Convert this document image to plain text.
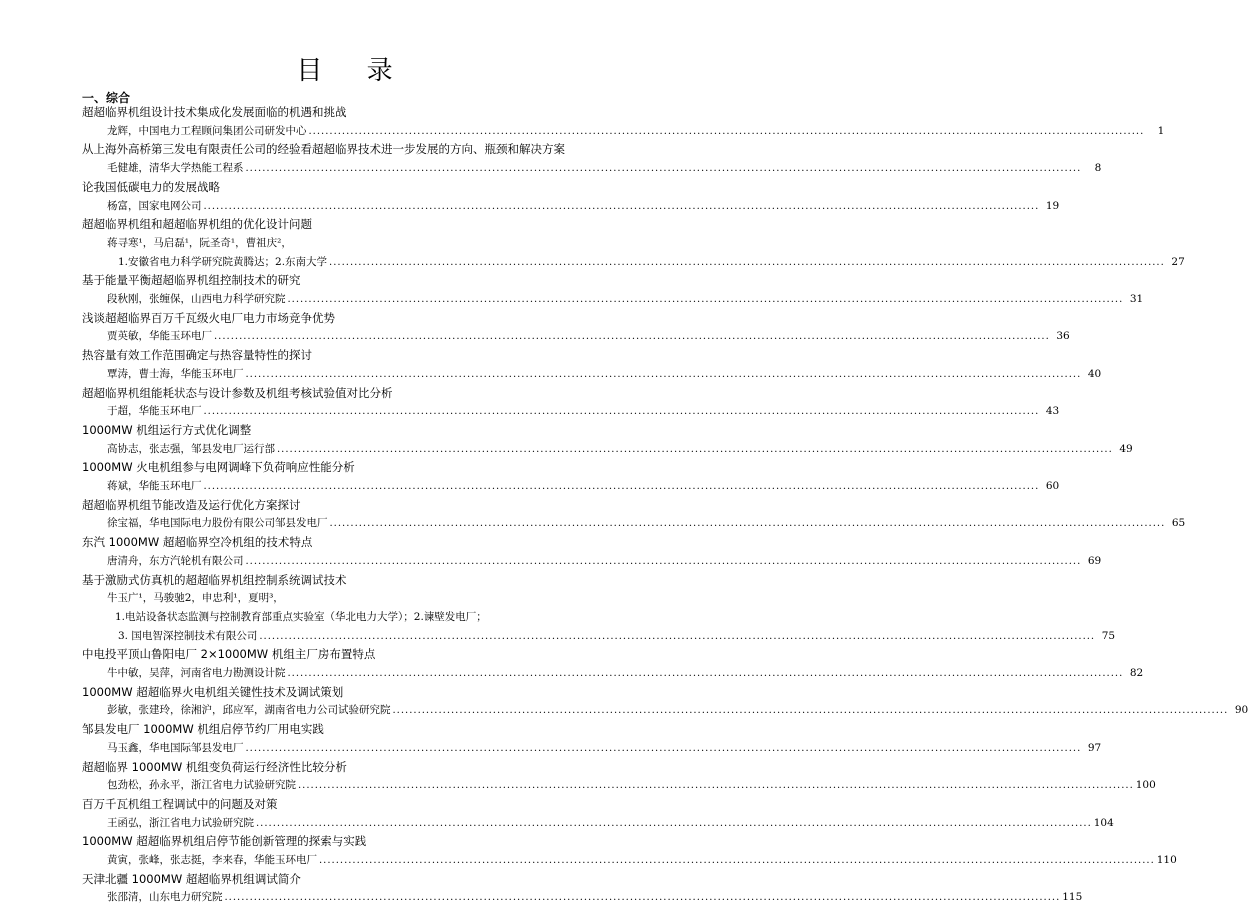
目 录
一、综合
超超临界机组设计技术集成化发展面临的机遇和挑战
龙辉，中国电力工程顾问集团公司研发中心 ........................................................................................................................................................................................................	1
从上海外高桥第三发电有限责任公司的经验看超超临界技术进一步发展的方向、瓶颈和解决方案
毛健雄，清华大学热能工程系 ........................................................................................................................................................................................................	8
论我国低碳电力的发展战略
杨富，国家电网公司 ........................................................................................................................................................................................................ 19
超超临界机组和超超临界机组的优化设计问题
蒋寻寒¹，马启磊¹，阮圣奇¹，曹祖庆²，
1.安徽省电力科学研究院黄腾达；2.东南大学 ........................................................................................................................................................................................................ 27
基于能量平衡超超临界机组控制技术的研究
段秋刚，张缠保，山西电力科学研究院 ........................................................................................................................................................................................................ 31
浅谈超超临界百万千瓦级火电厂电力市场竞争优势
贾英敏，华能玉环电厂 ........................................................................................................................................................................................................ 36
热容量有效工作范围确定与热容量特性的探讨
覃涛，曹士海，华能玉环电厂 ........................................................................................................................................................................................................ 40
超超临界机组能耗状态与设计参数及机组考核试验值对比分析
于超，华能玉环电厂 ........................................................................................................................................................................................................ 43
1000MW 机组运行方式优化调整
高协志，张志强，邹县发电厂运行部 ........................................................................................................................................................................................................ 49
1000MW 火电机组参与电网调峰下负荷响应性能分析
蒋斌，华能玉环电厂 ........................................................................................................................................................................................................ 60
超超临界机组节能改造及运行优化方案探讨
徐宝福，华电国际电力股份有限公司邹县发电厂 ........................................................................................................................................................................................................ 65
东汽 1000MW 超超临界空冷机组的技术特点
唐清舟，东方汽轮机有限公司 ........................................................................................................................................................................................................ 69
基于激励式仿真机的超超临界机组控制系统调试技术
牛玉广¹，马骏驰2，申忠利¹，夏明³，
1.电站设备状态监测与控制教育部重点实验室（华北电力大学）；2.谏壁发电厂；
3. 国电智深控制技术有限公司 ........................................................................................................................................................................................................ 75
中电投平顶山鲁阳电厂 2×1000MW 机组主厂房布置特点
牛中敏，吴萍，河南省电力勘测设计院 ........................................................................................................................................................................................................ 82
1000MW 超超临界火电机组关键性技术及调试策划
彭敏，张建玲，徐湘沪，邱应军，湖南省电力公司试验研究院 ........................................................................................................................................................................................................ 90
邹县发电厂 1000MW 机组启停节约厂用电实践
马玉鑫，华电国际邹县发电厂 ........................................................................................................................................................................................................ 97
超超临界 1000MW 机组变负荷运行经济性比较分析
包劲松，孙永平，浙江省电力试验研究院 ........................................................................................................................................................................................................ 100
百万千瓦机组工程调试中的问题及对策
王函弘，浙江省电力试验研究院 ........................................................................................................................................................................................................ 104
1000MW 超超临界机组启停节能创新管理的探索与实践
黄寅，张峰，张志挺，李来春，华能玉环电厂 ........................................................................................................................................................................................................ 110
天津北疆 1000MW 超超临界机组调试简介
张邵清，山东电力研究院 ........................................................................................................................................................................................................ 115
